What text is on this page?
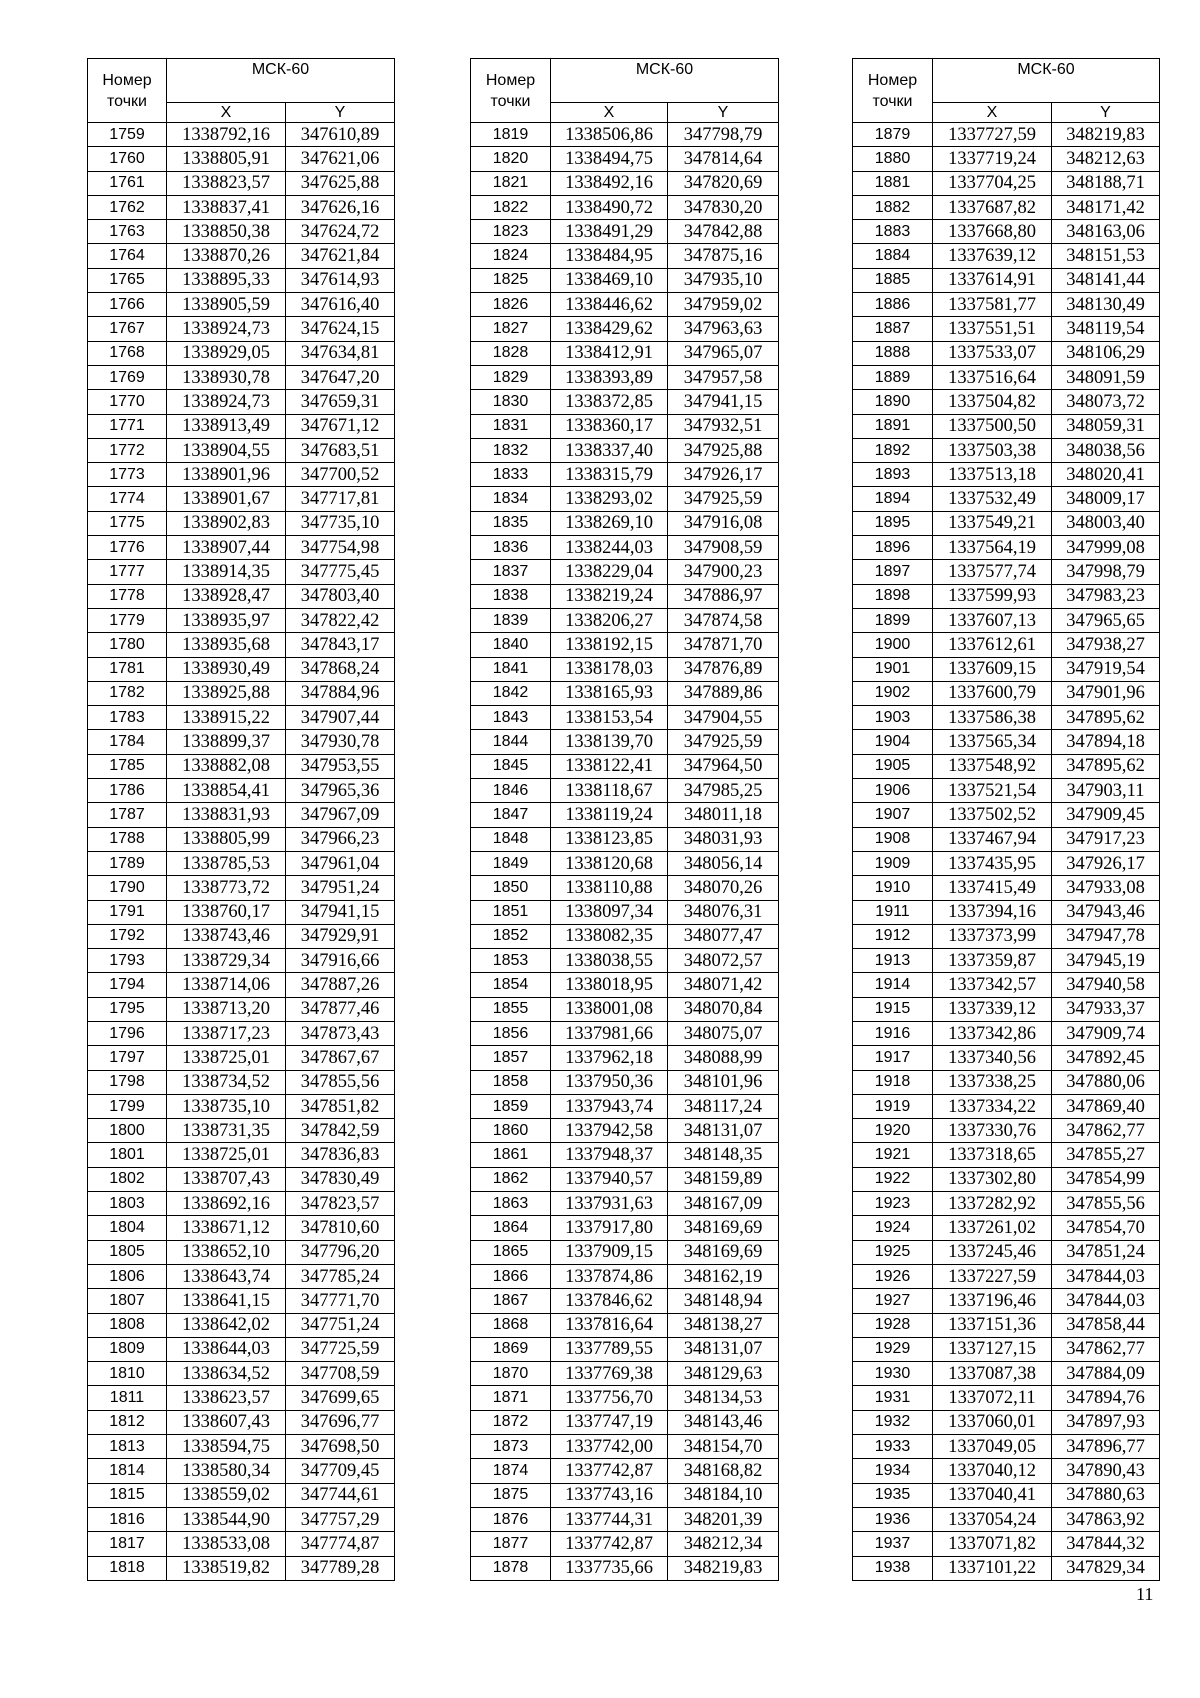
Номер
точки	МСК-60	
	X	Y
1759	1338792,16	347610,89
1760	1338805,91	347621,06
1761	1338823,57	347625,88
1762	1338837,41	347626,16
1763	1338850,38	347624,72
1764	1338870,26	347621,84
1765	1338895,33	347614,93
1766	1338905,59	347616,40
1767	1338924,73	347624,15
1768	1338929,05	347634,81
1769	1338930,78	347647,20
1770	1338924,73	347659,31
1771	1338913,49	347671,12
1772	1338904,55	347683,51
1773	1338901,96	347700,52
1774	1338901,67	347717,81
1775	1338902,83	347735,10
1776	1338907,44	347754,98
1777	1338914,35	347775,45
1778	1338928,47	347803,40
1779	1338935,97	347822,42
1780	1338935,68	347843,17
1781	1338930,49	347868,24
1782	1338925,88	347884,96
1783	1338915,22	347907,44
1784	1338899,37	347930,78
1785	1338882,08	347953,55
1786	1338854,41	347965,36
1787	1338831,93	347967,09
1788	1338805,99	347966,23
1789	1338785,53	347961,04
1790	1338773,72	347951,24
1791	1338760,17	347941,15
1792	1338743,46	347929,91
1793	1338729,34	347916,66
1794	1338714,06	347887,26
1795	1338713,20	347877,46
1796	1338717,23	347873,43
1797	1338725,01	347867,67
1798	1338734,52	347855,56
1799	1338735,10	347851,82
1800	1338731,35	347842,59
1801	1338725,01	347836,83
1802	1338707,43	347830,49
1803	1338692,16	347823,57
1804	1338671,12	347810,60
1805	1338652,10	347796,20
1806	1338643,74	347785,24
1807	1338641,15	347771,70
1808	1338642,02	347751,24
1809	1338644,03	347725,59
1810	1338634,52	347708,59
1811	1338623,57	347699,65
1812	1338607,43	347696,77
1813	1338594,75	347698,50
1814	1338580,34	347709,45
1815	1338559,02	347744,61
1816	1338544,90	347757,29
1817	1338533,08	347774,87
1818	1338519,82	347789,28
Номер
точки	МСК-60	
	X	Y
1819	1338506,86	347798,79
1820	1338494,75	347814,64
1821	1338492,16	347820,69
1822	1338490,72	347830,20
1823	1338491,29	347842,88
1824	1338484,95	347875,16
1825	1338469,10	347935,10
1826	1338446,62	347959,02
1827	1338429,62	347963,63
1828	1338412,91	347965,07
1829	1338393,89	347957,58
1830	1338372,85	347941,15
1831	1338360,17	347932,51
1832	1338337,40	347925,88
1833	1338315,79	347926,17
1834	1338293,02	347925,59
1835	1338269,10	347916,08
1836	1338244,03	347908,59
1837	1338229,04	347900,23
1838	1338219,24	347886,97
1839	1338206,27	347874,58
1840	1338192,15	347871,70
1841	1338178,03	347876,89
1842	1338165,93	347889,86
1843	1338153,54	347904,55
1844	1338139,70	347925,59
1845	1338122,41	347964,50
1846	1338118,67	347985,25
1847	1338119,24	348011,18
1848	1338123,85	348031,93
1849	1338120,68	348056,14
1850	1338110,88	348070,26
1851	1338097,34	348076,31
1852	1338082,35	348077,47
1853	1338038,55	348072,57
1854	1338018,95	348071,42
1855	1338001,08	348070,84
1856	1337981,66	348075,07
1857	1337962,18	348088,99
1858	1337950,36	348101,96
1859	1337943,74	348117,24
1860	1337942,58	348131,07
1861	1337948,37	348148,35
1862	1337940,57	348159,89
1863	1337931,63	348167,09
1864	1337917,80	348169,69
1865	1337909,15	348169,69
1866	1337874,86	348162,19
1867	1337846,62	348148,94
1868	1337816,64	348138,27
1869	1337789,55	348131,07
1870	1337769,38	348129,63
1871	1337756,70	348134,53
1872	1337747,19	348143,46
1873	1337742,00	348154,70
1874	1337742,87	348168,82
1875	1337743,16	348184,10
1876	1337744,31	348201,39
1877	1337742,87	348212,34
1878	1337735,66	348219,83
Номер
точки	МСК-60	
	X	Y
1879	1337727,59	348219,83
1880	1337719,24	348212,63
1881	1337704,25	348188,71
1882	1337687,82	348171,42
1883	1337668,80	348163,06
1884	1337639,12	348151,53
1885	1337614,91	348141,44
1886	1337581,77	348130,49
1887	1337551,51	348119,54
1888	1337533,07	348106,29
1889	1337516,64	348091,59
1890	1337504,82	348073,72
1891	1337500,50	348059,31
1892	1337503,38	348038,56
1893	1337513,18	348020,41
1894	1337532,49	348009,17
1895	1337549,21	348003,40
1896	1337564,19	347999,08
1897	1337577,74	347998,79
1898	1337599,93	347983,23
1899	1337607,13	347965,65
1900	1337612,61	347938,27
1901	1337609,15	347919,54
1902	1337600,79	347901,96
1903	1337586,38	347895,62
1904	1337565,34	347894,18
1905	1337548,92	347895,62
1906	1337521,54	347903,11
1907	1337502,52	347909,45
1908	1337467,94	347917,23
1909	1337435,95	347926,17
1910	1337415,49	347933,08
1911	1337394,16	347943,46
1912	1337373,99	347947,78
1913	1337359,87	347945,19
1914	1337342,57	347940,58
1915	1337339,12	347933,37
1916	1337342,86	347909,74
1917	1337340,56	347892,45
1918	1337338,25	347880,06
1919	1337334,22	347869,40
1920	1337330,76	347862,77
1921	1337318,65	347855,27
1922	1337302,80	347854,99
1923	1337282,92	347855,56
1924	1337261,02	347854,70
1925	1337245,46	347851,24
1926	1337227,59	347844,03
1927	1337196,46	347844,03
1928	1337151,36	347858,44
1929	1337127,15	347862,77
1930	1337087,38	347884,09
1931	1337072,11	347894,76
1932	1337060,01	347897,93
1933	1337049,05	347896,77
1934	1337040,12	347890,43
1935	1337040,41	347880,63
1936	1337054,24	347863,92
1937	1337071,82	347844,32
1938	1337101,22	347829,34
11
